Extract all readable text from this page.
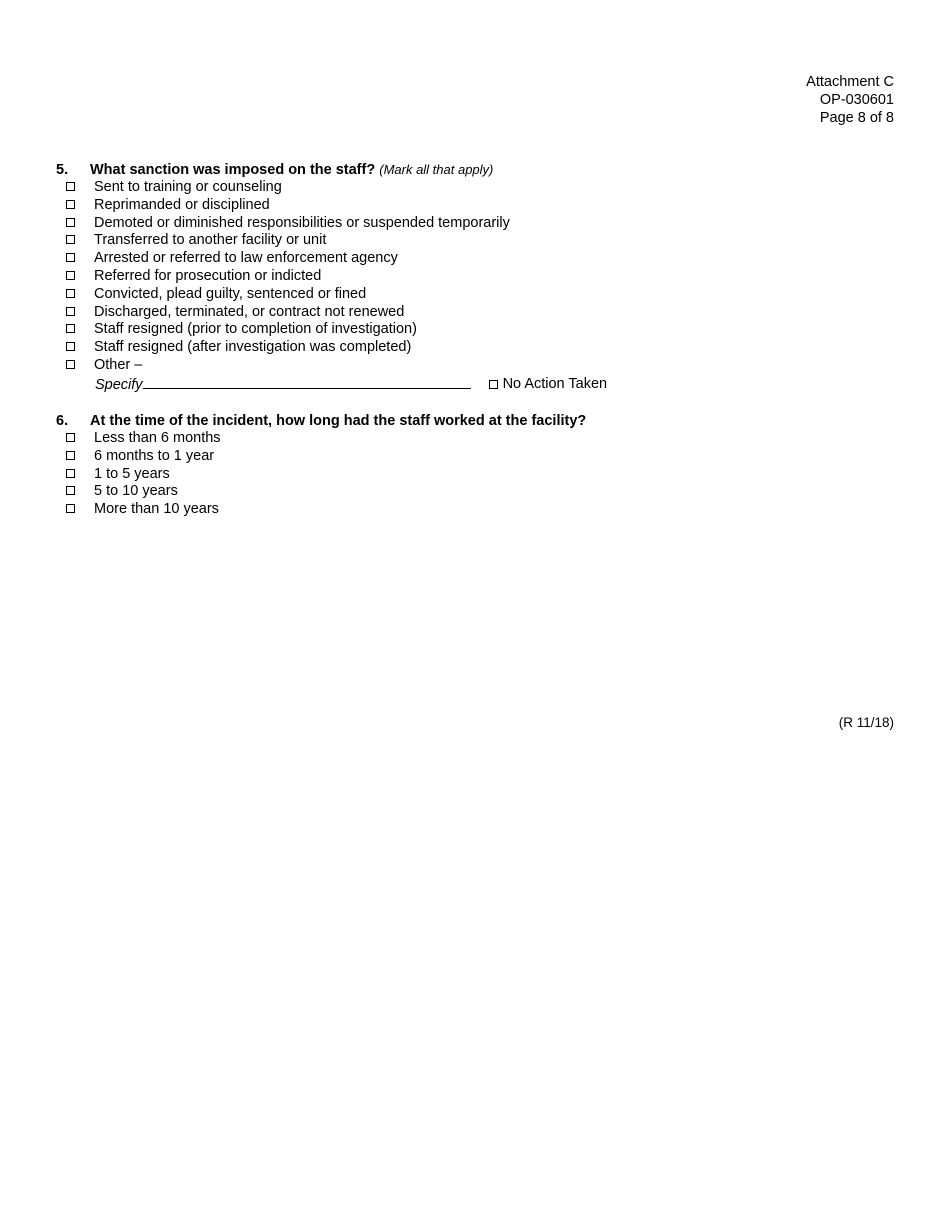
Attachment C
OP-030601
Page 8 of 8
5. What sanction was imposed on the staff? (Mark all that apply)
Sent to training or counseling
Reprimanded or disciplined
Demoted or diminished responsibilities or suspended temporarily
Transferred to another facility or unit
Arrested or referred to law enforcement agency
Referred for prosecution or indicted
Convicted, plead guilty, sentenced or fined
Discharged, terminated, or contract not renewed
Staff resigned (prior to completion of investigation)
Staff resigned (after investigation was completed)
Other –
Specify	No Action Taken
6. At the time of the incident, how long had the staff worked at the facility?
Less than 6 months
6 months to 1 year
1 to 5 years
5 to 10 years
More than 10 years
(R 11/18)
